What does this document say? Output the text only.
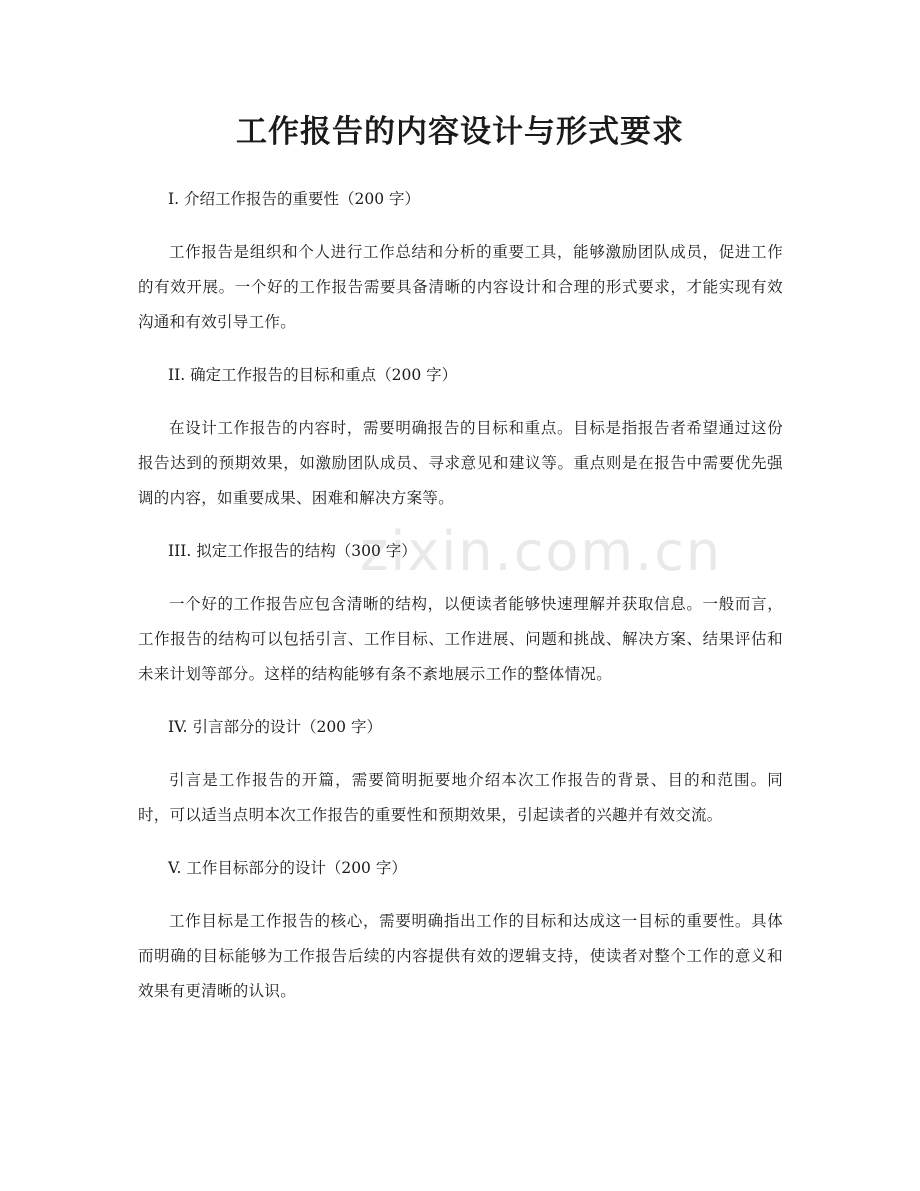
工作报告的内容设计与形式要求
zixin.com.cn
I. 介绍工作报告的重要性（200 字）

工作报告是组织和个人进行工作总结和分析的重要工具，能够激励团队成员，促进工作的有效开展。一个好的工作报告需要具备清晰的内容设计和合理的形式要求，才能实现有效沟通和有效引导工作。

II. 确定工作报告的目标和重点（200 字）

在设计工作报告的内容时，需要明确报告的目标和重点。目标是指报告者希望通过这份报告达到的预期效果，如激励团队成员、寻求意见和建议等。重点则是在报告中需要优先强调的内容，如重要成果、困难和解决方案等。

III. 拟定工作报告的结构（300 字）

一个好的工作报告应包含清晰的结构，以便读者能够快速理解并获取信息。一般而言，工作报告的结构可以包括引言、工作目标、工作进展、问题和挑战、解决方案、结果评估和未来计划等部分。这样的结构能够有条不紊地展示工作的整体情况。

IV. 引言部分的设计（200 字）

引言是工作报告的开篇，需要简明扼要地介绍本次工作报告的背景、目的和范围。同时，可以适当点明本次工作报告的重要性和预期效果，引起读者的兴趣并有效交流。

V. 工作目标部分的设计（200 字）

工作目标是工作报告的核心，需要明确指出工作的目标和达成这一目标的重要性。具体而明确的目标能够为工作报告后续的内容提供有效的逻辑支持，使读者对整个工作的意义和效果有更清晰的认识。
